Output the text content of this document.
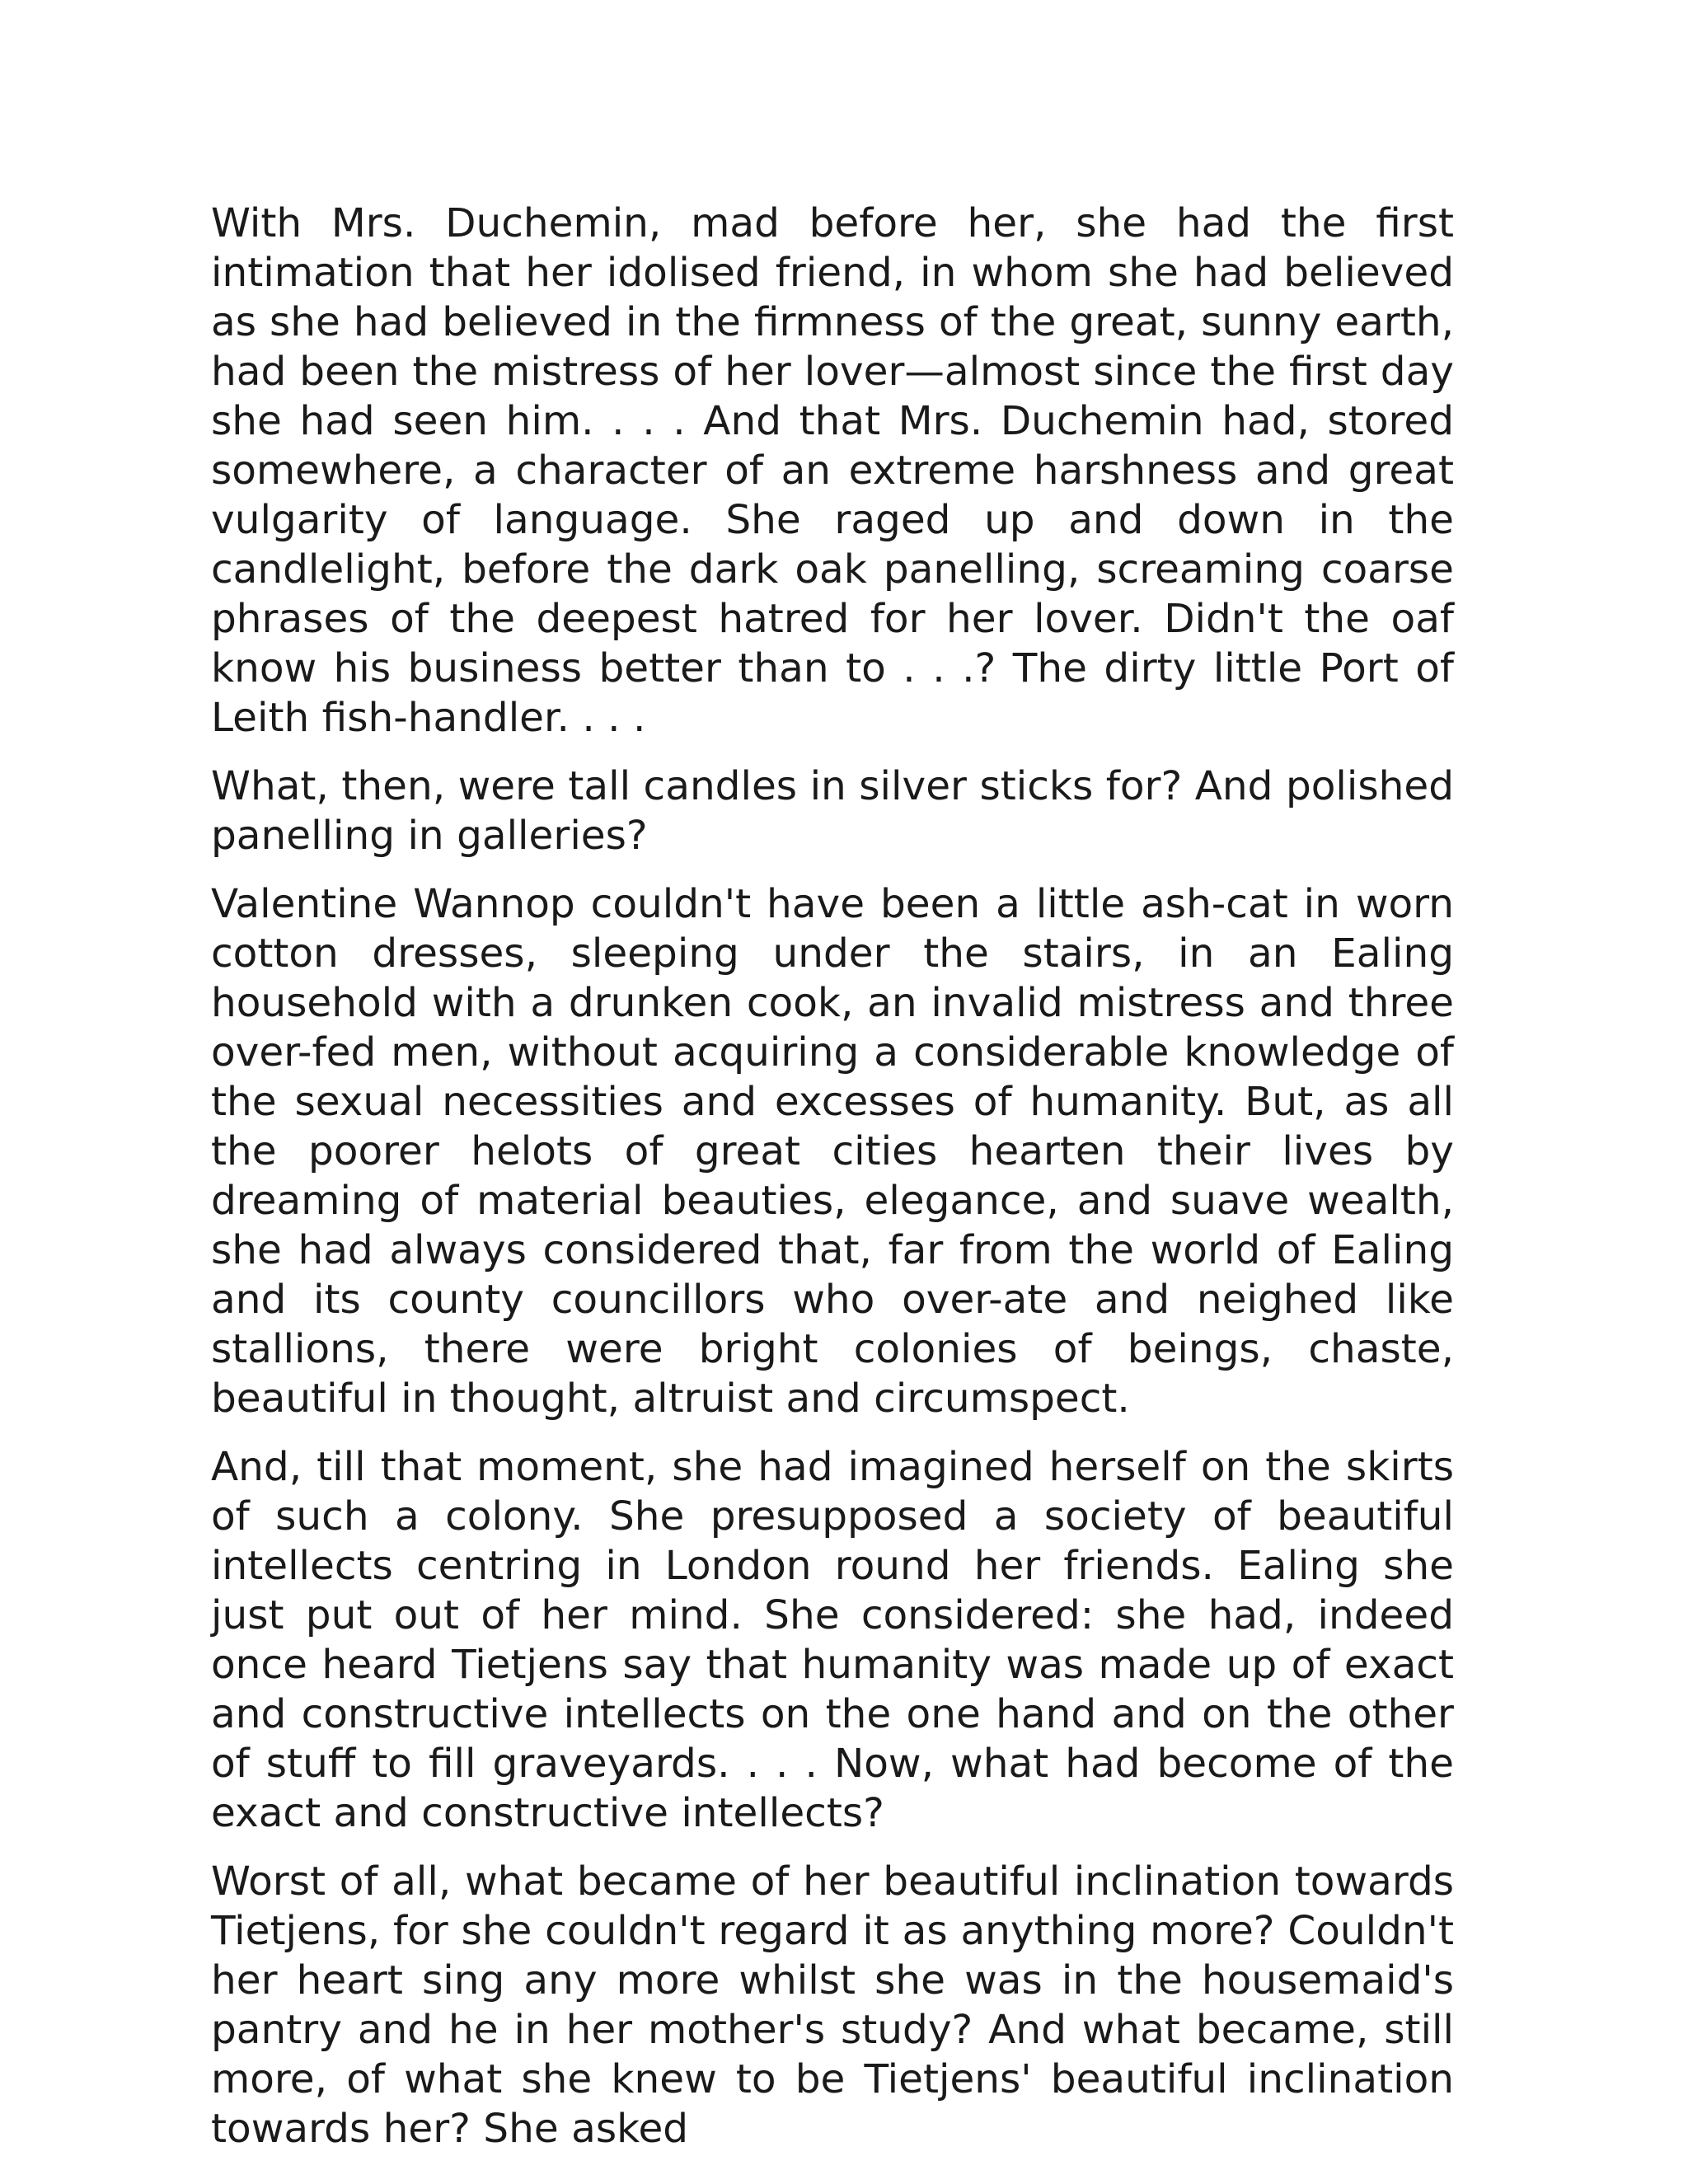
With Mrs. Duchemin, mad before her, she had the first intimation that her idolised friend, in whom she had believed as she had believed in the firmness of the great, sunny earth, had been the mistress of her lover—almost since the first day she had seen him. . . . And that Mrs. Duchemin had, stored somewhere, a character of an extreme harshness and great vulgarity of language. She raged up and down in the candlelight, before the dark oak panelling, screaming coarse phrases of the deepest hatred for her lover. Didn't the oaf know his business better than to . . .? The dirty little Port of Leith fish-handler. . . .

What, then, were tall candles in silver sticks for? And polished panelling in galleries?

Valentine Wannop couldn't have been a little ash-cat in worn cotton dresses, sleeping under the stairs, in an Ealing household with a drunken cook, an invalid mistress and three over-fed men, without acquiring a considerable knowledge of the sexual necessities and excesses of humanity. But, as all the poorer helots of great cities hearten their lives by dreaming of material beauties, elegance, and suave wealth, she had always considered that, far from the world of Ealing and its county councillors who over-ate and neighed like stallions, there were bright colonies of beings, chaste, beautiful in thought, altruist and circumspect.

And, till that moment, she had imagined herself on the skirts of such a colony. She presupposed a society of beautiful intellects centring in London round her friends. Ealing she just put out of her mind. She considered: she had, indeed once heard Tietjens say that humanity was made up of exact and constructive intellects on the one hand and on the other of stuff to fill graveyards. . . . Now, what had become of the exact and constructive intellects?

Worst of all, what became of her beautiful inclination towards Tietjens, for she couldn't regard it as anything more? Couldn't her heart sing any more whilst she was in the housemaid's pantry and he in her mother's study? And what became, still more, of what she knew to be Tietjens' beautiful inclination towards her? She asked
